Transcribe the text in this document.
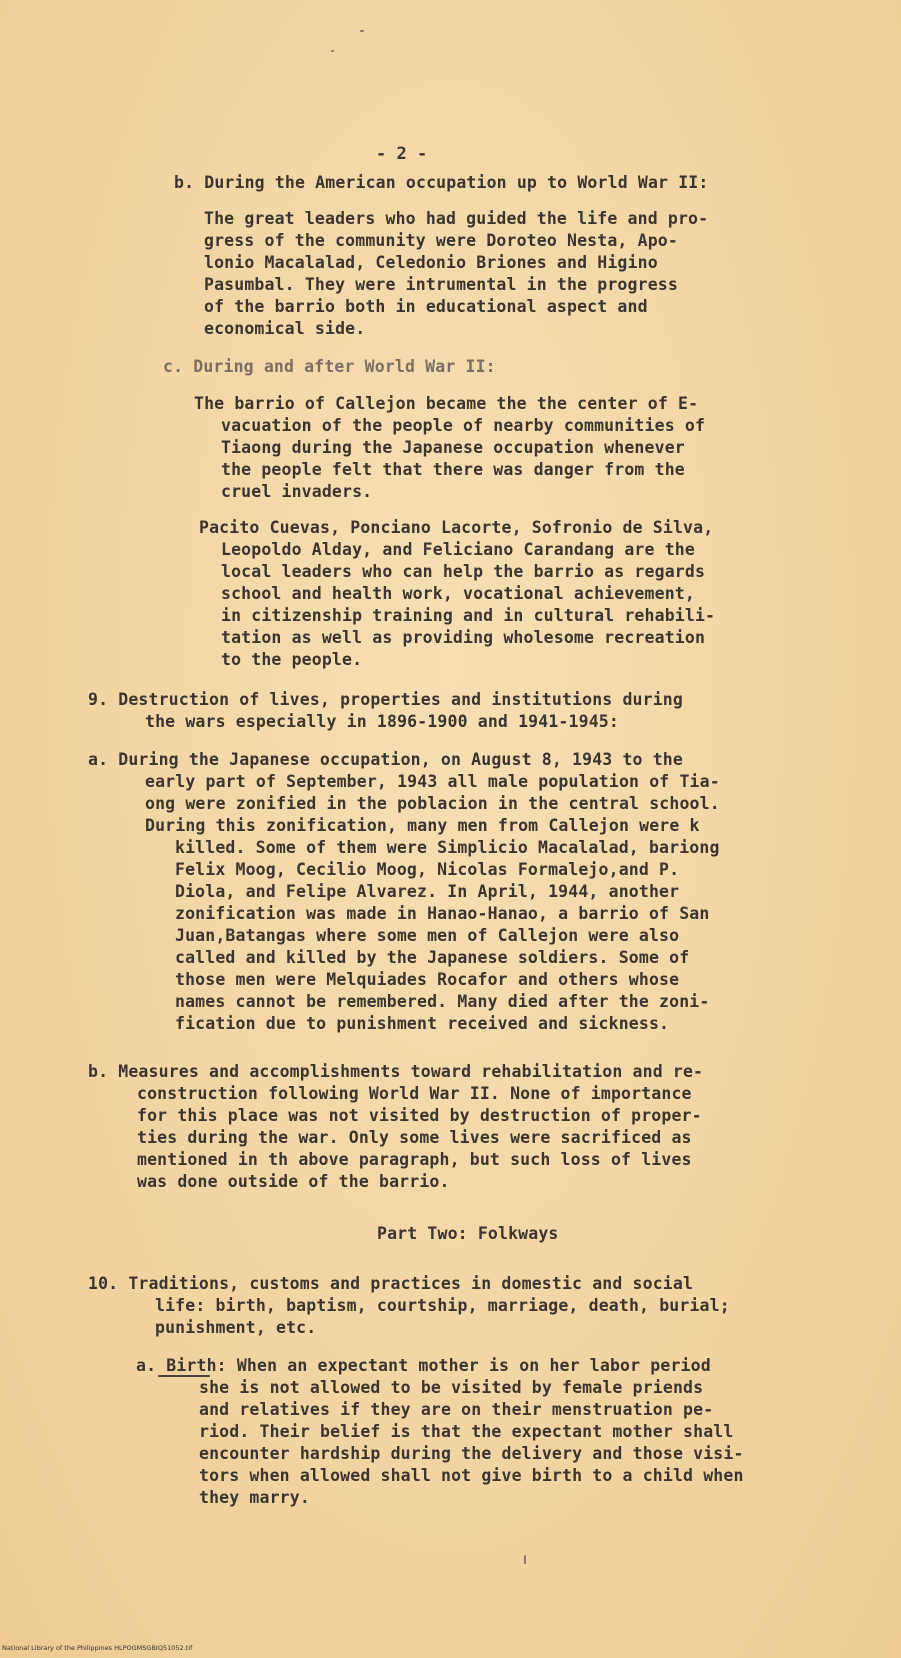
- 2 -

b. During the American occupation up to World War II:

The great leaders who had guided the life and pro-

gress of the community were Doroteo Nesta, Apo-

lonio Macalalad, Celedonio Briones and Higino

Pasumbal. They were intrumental in the progress

of the barrio both in educational aspect and

economical side.

c. During and after World War II:

The barrio of Callejon became the the center of E-

vacuation of the people of nearby communities of

Tiaong during the Japanese occupation whenever

the people felt that there was danger from the

cruel invaders.

Pacito Cuevas, Ponciano Lacorte, Sofronio de Silva,

Leopoldo Alday, and Feliciano Carandang are the

local leaders who can help the barrio as regards

school and health work, vocational achievement,

in citizenship training and in cultural rehabili-

tation as well as providing wholesome recreation

to the people.

9. Destruction of lives, properties and institutions during

the wars especially in 1896-1900 and 1941-1945:

a. During the Japanese occupation, on August 8, 1943 to the

early part of September, 1943 all male population of Tia-

ong were zonified in the poblacion in the central school.

During this zonification, many men from Callejon were k

killed. Some of them were Simplicio Macalalad, bariong

Felix Moog, Cecilio Moog, Nicolas Formalejo,and P.

Diola, and Felipe Alvarez. In April, 1944, another

zonification was made in Hanao-Hanao, a barrio of San

Juan,Batangas where some men of Callejon were also

called and killed by the Japanese soldiers. Some of

those men were Melquiades Rocafor and others whose

names cannot be remembered. Many died after the zoni-

fication due to punishment received and sickness.

b. Measures and accomplishments toward rehabilitation and re-

construction following World War II. None of importance

for this place was not visited by destruction of proper-

ties during the war. Only some lives were sacrificed as

mentioned in th above paragraph, but such loss of lives

was done outside of the barrio.

Part Two: Folkways

10. Traditions, customs and practices in domestic and social

life: birth, baptism, courtship, marriage, death, burial;

punishment, etc.

a. Birth: When an expectant mother is on her labor period

she is not allowed to be visited by female priends

and relatives if they are on their menstruation pe-

riod. Their belief is that the expectant mother shall

encounter hardship during the delivery and those visi-

tors when allowed shall not give birth to a child when

they marry.

National Library of the Philippines HLPOGMSGBIQ51052.tif
